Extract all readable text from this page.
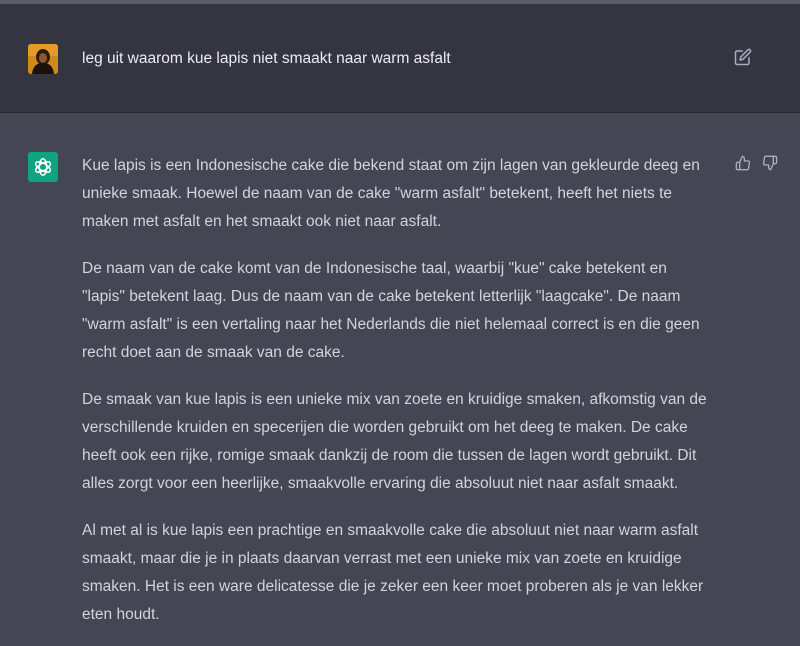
leg uit waarom kue lapis niet smaakt naar warm asfalt

Kue lapis is een Indonesische cake die bekend staat om zijn lagen van gekleurde deeg en unieke smaak. Hoewel de naam van de cake "warm asfalt" betekent, heeft het niets te maken met asfalt en het smaakt ook niet naar asfalt.

De naam van de cake komt van de Indonesische taal, waarbij "kue" cake betekent en "lapis" betekent laag. Dus de naam van de cake betekent letterlijk "laagcake". De naam "warm asfalt" is een vertaling naar het Nederlands die niet helemaal correct is en die geen recht doet aan de smaak van de cake.

De smaak van kue lapis is een unieke mix van zoete en kruidige smaken, afkomstig van de verschillende kruiden en specerijen die worden gebruikt om het deeg te maken. De cake heeft ook een rijke, romige smaak dankzij de room die tussen de lagen wordt gebruikt. Dit alles zorgt voor een heerlijke, smaakvolle ervaring die absoluut niet naar asfalt smaakt.

Al met al is kue lapis een prachtige en smaakvolle cake die absoluut niet naar warm asfalt smaakt, maar die je in plaats daarvan verrast met een unieke mix van zoete en kruidige smaken. Het is een ware delicatesse die je zeker een keer moet proberen als je van lekker eten houdt.
